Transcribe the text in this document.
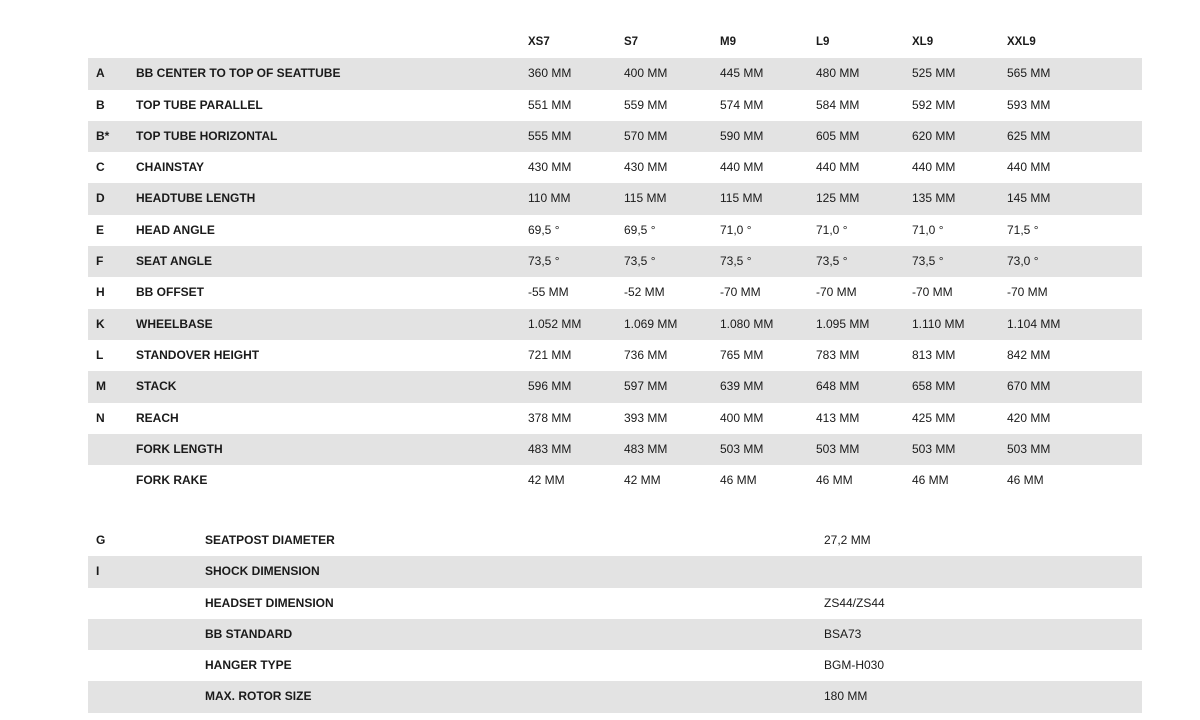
XS7	S7	M9	L9	XL9	XXL9
A	BB CENTER TO TOP OF SEATTUBE	360 MM	400 MM	445 MM	480 MM	525 MM	565 MM
B	TOP TUBE PARALLEL	551 MM	559 MM	574 MM	584 MM	592 MM	593 MM
B* TOP TUBE HORIZONTAL	555 MM	570 MM	590 MM	605 MM	620 MM	625 MM
C	CHAINSTAY	430 MM	430 MM	440 MM	440 MM	440 MM	440 MM
D	HEADTUBE LENGTH	110 MM	115 MM	115 MM	125 MM	135 MM	145 MM
E	HEAD ANGLE	69,5 °	69,5 °	71,0 °	71,0 °	71,0 °	71,5 °
F	SEAT ANGLE	73,5 °	73,5 °	73,5 °	73,5 °	73,5 °	73,0 °
H	BB OFFSET	-55 MM	-52 MM	-70 MM	-70 MM	-70 MM	-70 MM
K	WHEELBASE	1.052 MM	1.069 MM	1.080 MM	1.095 MM	1.110 MM	1.104 MM
L	STANDOVER HEIGHT	721 MM	736 MM	765 MM	783 MM	813 MM	842 MM
M	STACK	596 MM	597 MM	639 MM	648 MM	658 MM	670 MM
N	REACH	378 MM	393 MM	400 MM	413 MM	425 MM	420 MM
FORK LENGTH	483 MM	483 MM	503 MM	503 MM	503 MM	503 MM
FORK RAKE	42 MM	42 MM	46 MM	46 MM	46 MM	46 MM
G	SEATPOST DIAMETER	27,2 MM
I	SHOCK DIMENSION
HEADSET DIMENSION	ZS44/ZS44
BB STANDARD	BSA73
HANGER TYPE	BGM-H030
MAX. ROTOR SIZE	180 MM
